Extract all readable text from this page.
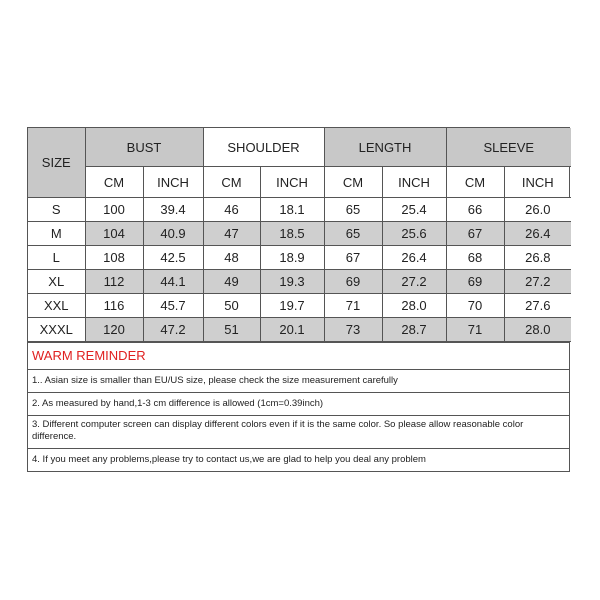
SIZE	BUST		SHOULDER		LENGTH		SLEEVE	
	CM	INCH	CM	INCH	CM	INCH	CM	INCH
S	100	39.4	46	18.1	65	25.4	66	26.0
M	104	40.9	47	18.5	65	25.6	67	26.4
L	108	42.5	48	18.9	67	26.4	68	26.8
XL	112	44.1	49	19.3	69	27.2	69	27.2
XXL	116	45.7	50	19.7	71	28.0	70	27.6
XXXL	120	47.2	51	20.1	73	28.7	71	28.0
WARM REMINDER
1.. Asian size is smaller than EU/US size, please check the size measurement carefully
2. As measured by hand,1-3 cm difference is allowed (1cm=0.39inch)
3. Different computer screen can display different colors even if it is the same color. So please allow reasonable color difference.
4. If you meet any problems,please try to contact us,we are glad to help you deal any problem
